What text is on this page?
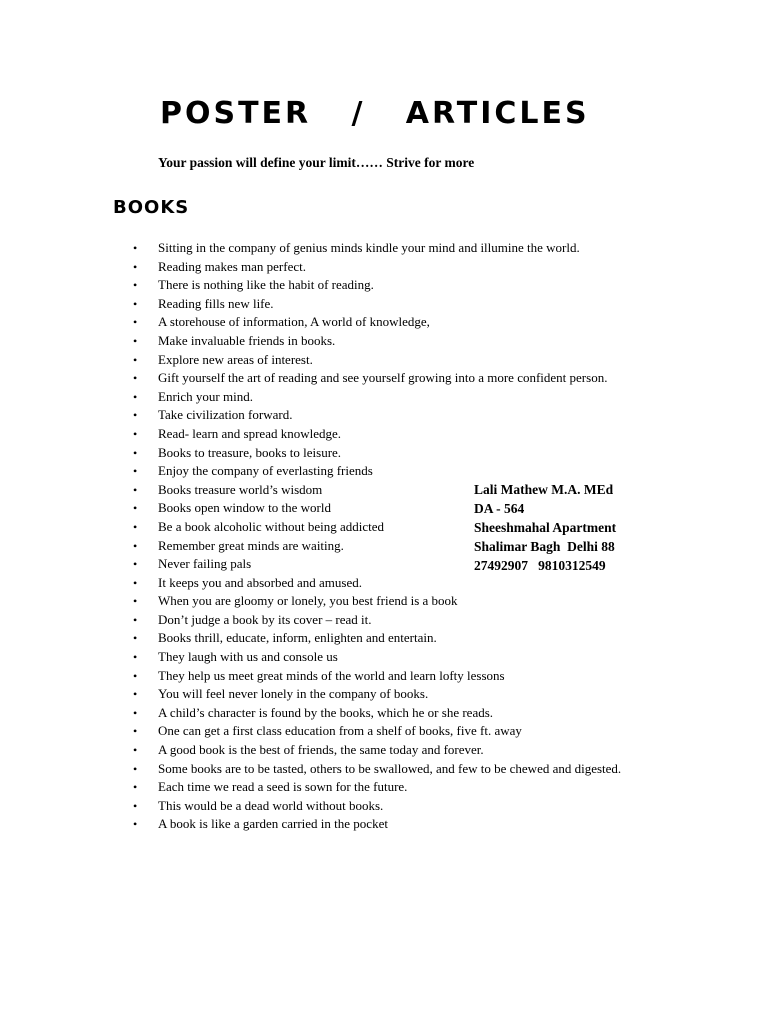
POSTER   /   ARTICLES

Your passion will define your limit…… Strive for more

BOOKS
• Sitting in the company of genius minds kindle your mind and illumine the world.
• Reading makes man perfect.
• There is nothing like the habit of reading.
• Reading fills new life.
• A storehouse of information, A world of knowledge,
• Make invaluable friends in books.
• Explore new areas of interest.
• Gift yourself the art of reading and see yourself growing into a more confident person.
• Enrich your mind.
• Take civilization forward.
• Read- learn and spread knowledge.
• Books to treasure, books to leisure.
• Enjoy the company of everlasting friends
• Books treasure world’s wisdom
• Books open window to the world
• Be a book alcoholic without being addicted
• Remember great minds are waiting.
• Never failing pals
• It keeps you and absorbed and amused.
• When you are gloomy or lonely, you best friend is a book
• Don’t judge a book by its cover – read it.
• Books thrill, educate, inform, enlighten and entertain.
• They laugh with us and console us
• They help us meet great minds of the world and learn lofty lessons
• You will feel never lonely in the company of books.
• A child’s character is found by the books, which he or she reads.
• One can get a first class education from a shelf of books, five ft. away
• A good book is the best of friends, the same today and forever.
• Some books are to be tasted, others to be swallowed, and few to be chewed and digested.
• Each time we read a seed is sown for the future.
• This would be a dead world without books.
• A book is like a garden carried in the pocket
Lali Mathew M.A. MEd
DA - 564
Sheeshmahal Apartment
Shalimar Bagh  Delhi 88
27492907   9810312549
